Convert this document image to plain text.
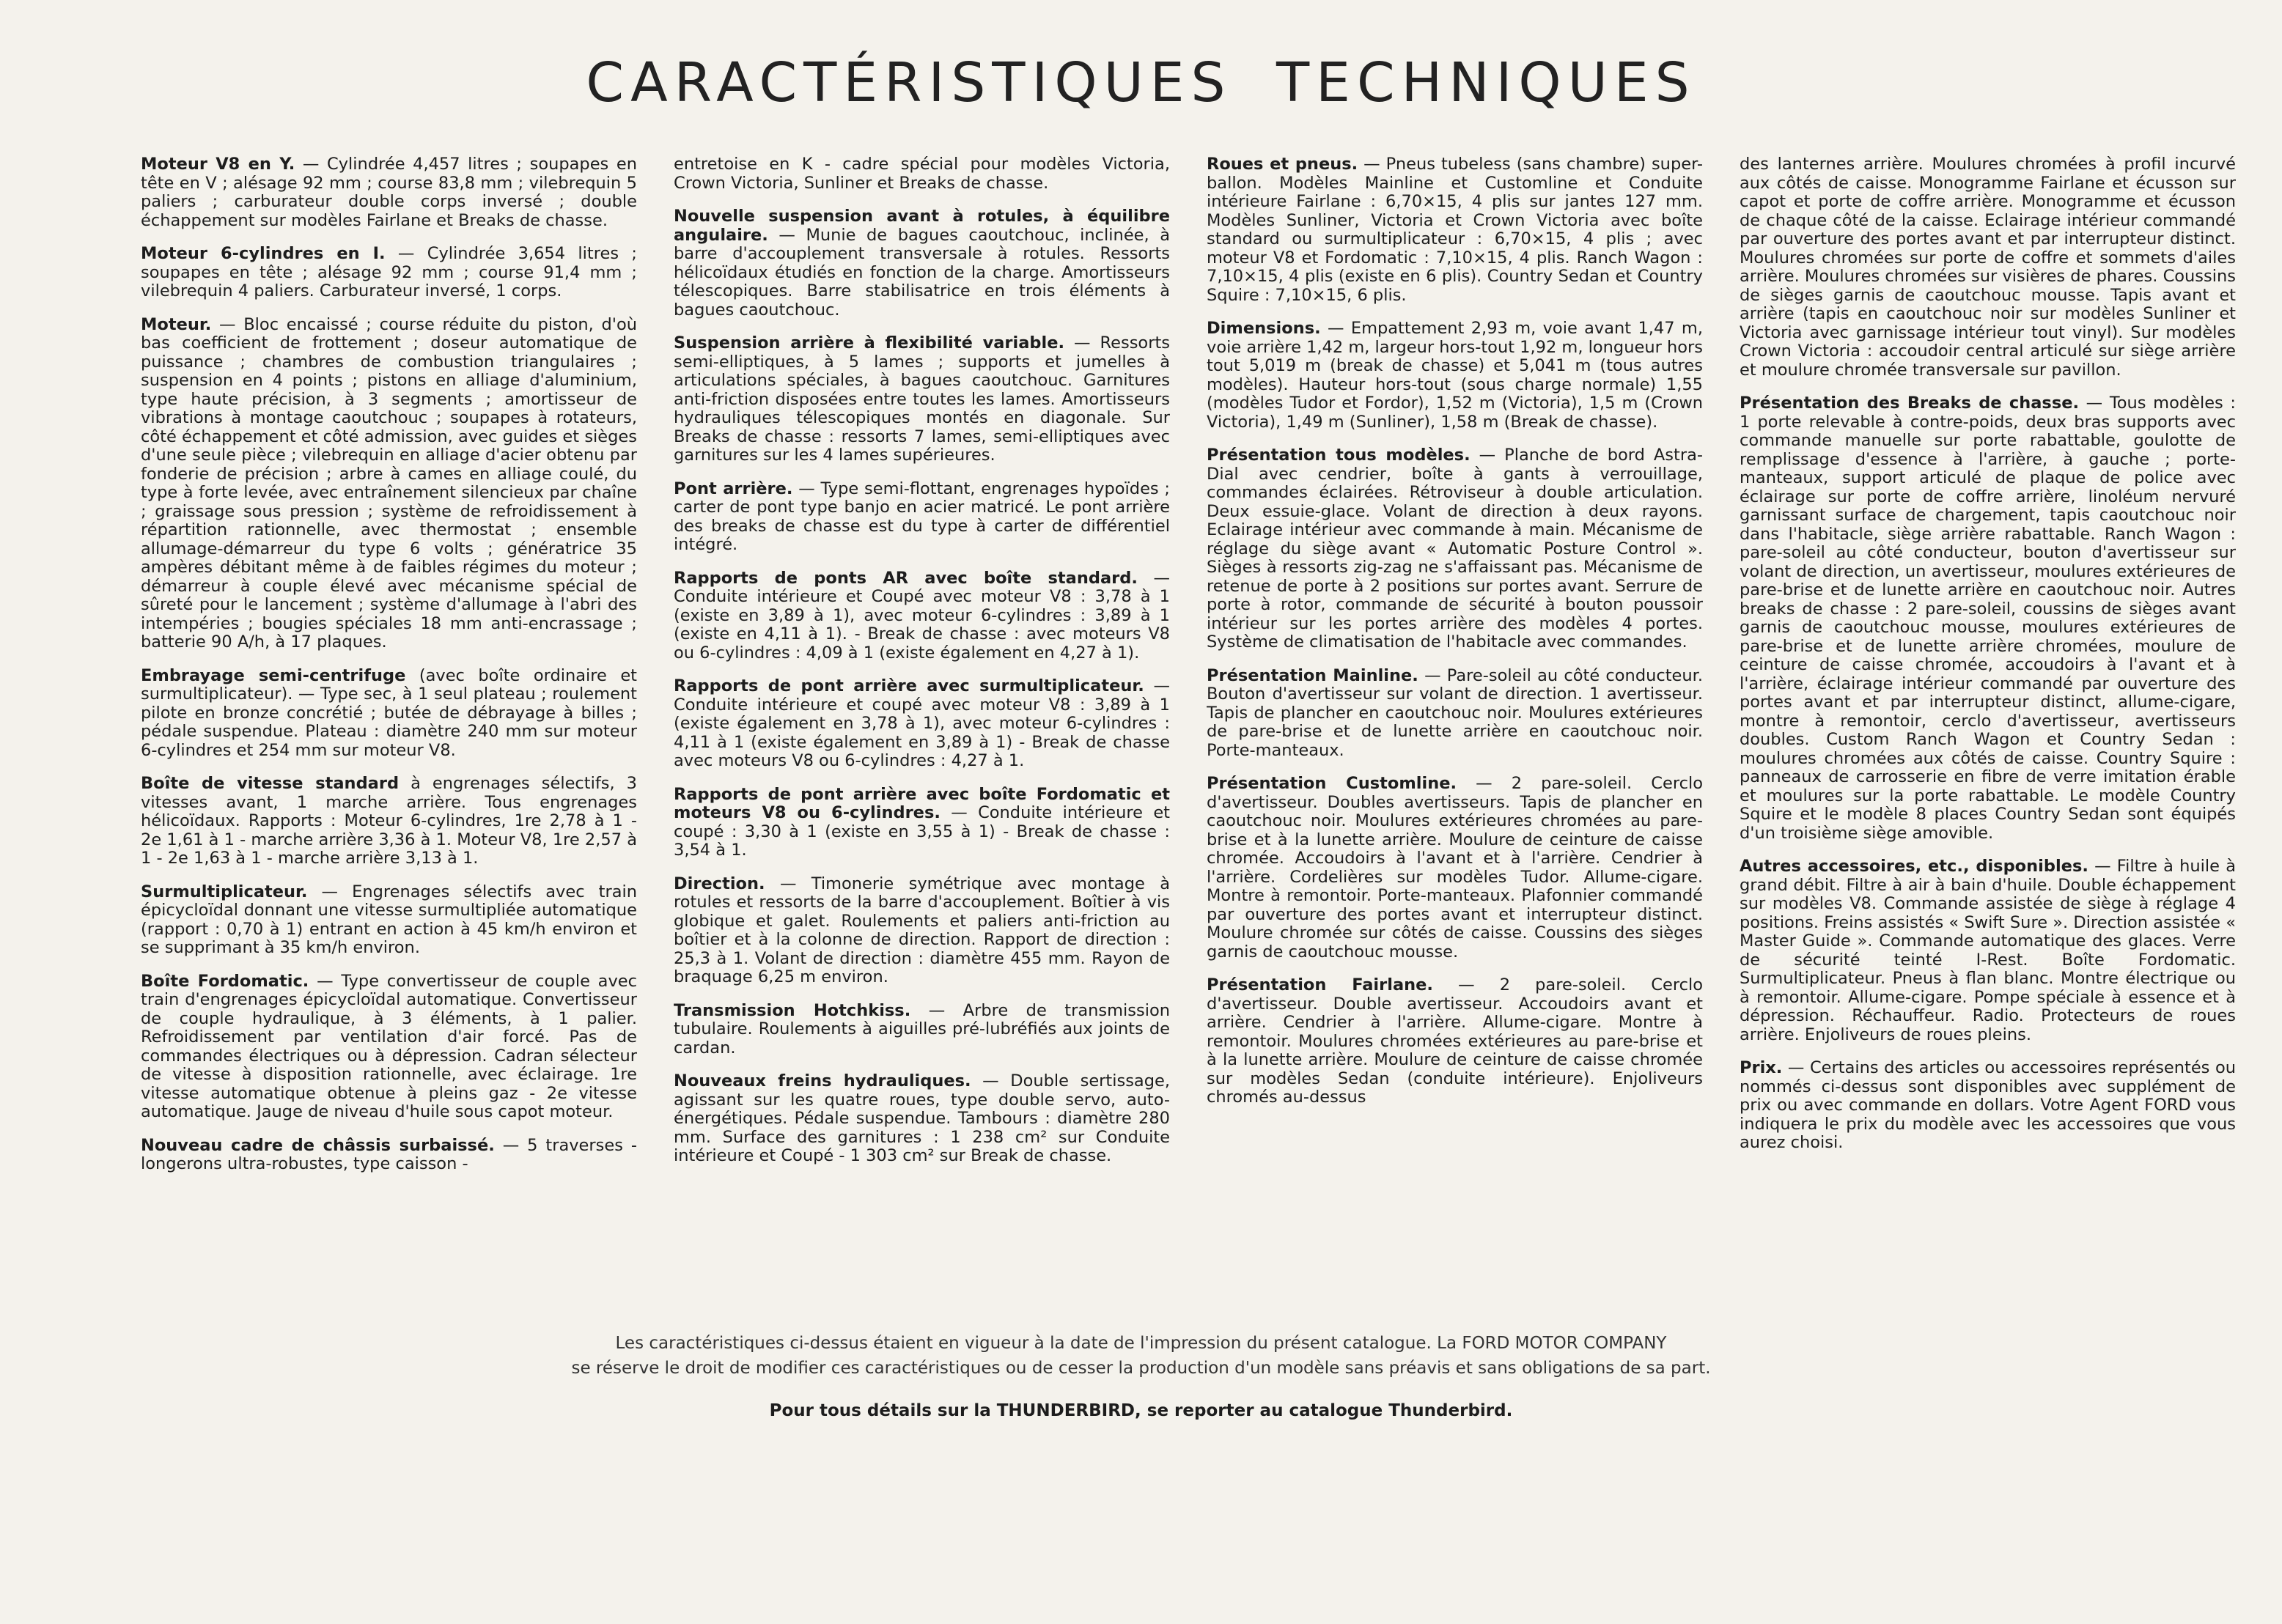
CARACTÉRISTIQUES TECHNIQUES

Moteur V8 en Y. — Cylindrée 4,457 litres ; soupapes en tête en V ; alésage 92 mm ; course 83,8 mm ; vilebrequin 5 paliers ; carburateur double corps inversé ; double échappement sur modèles Fairlane et Breaks de chasse.

Moteur 6-cylindres en I. — Cylindrée 3,654 litres ; soupapes en tête ; alésage 92 mm ; course 91,4 mm ; vilebrequin 4 paliers. Carburateur inversé, 1 corps.

Moteur. — Bloc encaissé ; course réduite du piston, d'où bas coefficient de frottement ; doseur automatique de puissance ; chambres de combustion triangulaires ; suspension en 4 points ; pistons en alliage d'aluminium, type haute précision, à 3 segments ; amortisseur de vibrations à montage caoutchouc ; soupapes à rotateurs, côté échappement et côté admission, avec guides et sièges d'une seule pièce ; vilebrequin en alliage d'acier obtenu par fonderie de précision ; arbre à cames en alliage coulé, du type à forte levée, avec entraînement silencieux par chaîne ; graissage sous pression ; système de refroidissement à répartition rationnelle, avec thermostat ; ensemble allumage-démarreur du type 6 volts ; génératrice 35 ampères débitant même à de faibles régimes du moteur ; démarreur à couple élevé avec mécanisme spécial de sûreté pour le lancement ; système d'allumage à l'abri des intempéries ; bougies spéciales 18 mm anti-encrassage ; batterie 90 A/h, à 17 plaques.

Embrayage semi-centrifuge (avec boîte ordinaire et surmultiplicateur). — Type sec, à 1 seul plateau ; roulement pilote en bronze concrétié ; butée de débrayage à billes ; pédale suspendue. Plateau : diamètre 240 mm sur moteur 6-cylindres et 254 mm sur moteur V8.

Boîte de vitesse standard à engrenages sélectifs, 3 vitesses avant, 1 marche arrière. Tous engrenages hélicoïdaux. Rapports : Moteur 6-cylindres, 1re 2,78 à 1 - 2e 1,61 à 1 - marche arrière 3,36 à 1. Moteur V8, 1re 2,57 à 1 - 2e 1,63 à 1 - marche arrière 3,13 à 1.

Surmultiplicateur. — Engrenages sélectifs avec train épicycloïdal donnant une vitesse surmultipliée automatique (rapport : 0,70 à 1) entrant en action à 45 km/h environ et se supprimant à 35 km/h environ.

Boîte Fordomatic. — Type convertisseur de couple avec train d'engrenages épicycloïdal automatique. Convertisseur de couple hydraulique, à 3 éléments, à 1 palier. Refroidissement par ventilation d'air forcé. Pas de commandes électriques ou à dépression. Cadran sélecteur de vitesse à disposition rationnelle, avec éclairage. 1re vitesse automatique obtenue à pleins gaz - 2e vitesse automatique. Jauge de niveau d'huile sous capot moteur.

Nouveau cadre de châssis surbaissé. — 5 traverses - longerons ultra-robustes, type caisson -

entretoise en K - cadre spécial pour modèles Victoria, Crown Victoria, Sunliner et Breaks de chasse.

Nouvelle suspension avant à rotules, à équilibre angulaire. — Munie de bagues caoutchouc, inclinée, à barre d'accouplement transversale à rotules. Ressorts hélicoïdaux étudiés en fonction de la charge. Amortisseurs télescopiques. Barre stabilisatrice en trois éléments à bagues caoutchouc.

Suspension arrière à flexibilité variable. — Ressorts semi-elliptiques, à 5 lames ; supports et jumelles à articulations spéciales, à bagues caoutchouc. Garnitures anti-friction disposées entre toutes les lames. Amortisseurs hydrauliques télescopiques montés en diagonale. Sur Breaks de chasse : ressorts 7 lames, semi-elliptiques avec garnitures sur les 4 lames supérieures.

Pont arrière. — Type semi-flottant, engrenages hypoïdes ; carter de pont type banjo en acier matricé. Le pont arrière des breaks de chasse est du type à carter de différentiel intégré.

Rapports de ponts AR avec boîte standard. — Conduite intérieure et Coupé avec moteur V8 : 3,78 à 1 (existe en 3,89 à 1), avec moteur 6-cylindres : 3,89 à 1 (existe en 4,11 à 1). - Break de chasse : avec moteurs V8 ou 6-cylindres : 4,09 à 1 (existe également en 4,27 à 1).

Rapports de pont arrière avec surmultiplicateur. — Conduite intérieure et coupé avec moteur V8 : 3,89 à 1 (existe également en 3,78 à 1), avec moteur 6-cylindres : 4,11 à 1 (existe également en 3,89 à 1) - Break de chasse avec moteurs V8 ou 6-cylindres : 4,27 à 1.

Rapports de pont arrière avec boîte Fordomatic et moteurs V8 ou 6-cylindres. — Conduite intérieure et coupé : 3,30 à 1 (existe en 3,55 à 1) - Break de chasse : 3,54 à 1.

Direction. — Timonerie symétrique avec montage à rotules et ressorts de la barre d'accouplement. Boîtier à vis globique et galet. Roulements et paliers anti-friction au boîtier et à la colonne de direction. Rapport de direction : 25,3 à 1. Volant de direction : diamètre 455 mm. Rayon de braquage 6,25 m environ.

Transmission Hotchkiss. — Arbre de transmission tubulaire. Roulements à aiguilles pré-lubréfiés aux joints de cardan.

Nouveaux freins hydrauliques. — Double sertissage, agissant sur les quatre roues, type double servo, auto-énergétiques. Pédale suspendue. Tambours : diamètre 280 mm. Surface des garnitures : 1 238 cm² sur Conduite intérieure et Coupé - 1 303 cm² sur Break de chasse.

Roues et pneus. — Pneus tubeless (sans chambre) super-ballon. Modèles Mainline et Customline et Conduite intérieure Fairlane : 6,70×15, 4 plis sur jantes 127 mm. Modèles Sunliner, Victoria et Crown Victoria avec boîte standard ou surmultiplicateur : 6,70×15, 4 plis ; avec moteur V8 et Fordomatic : 7,10×15, 4 plis. Ranch Wagon : 7,10×15, 4 plis (existe en 6 plis). Country Sedan et Country Squire : 7,10×15, 6 plis.

Dimensions. — Empattement 2,93 m, voie avant 1,47 m, voie arrière 1,42 m, largeur hors-tout 1,92 m, longueur hors tout 5,019 m (break de chasse) et 5,041 m (tous autres modèles). Hauteur hors-tout (sous charge normale) 1,55 (modèles Tudor et Fordor), 1,52 m (Victoria), 1,5 m (Crown Victoria), 1,49 m (Sunliner), 1,58 m (Break de chasse).

Présentation tous modèles. — Planche de bord Astra-Dial avec cendrier, boîte à gants à verrouillage, commandes éclairées. Rétroviseur à double articulation. Deux essuie-glace. Volant de direction à deux rayons. Eclairage intérieur avec commande à main. Mécanisme de réglage du siège avant « Automatic Posture Control ». Sièges à ressorts zig-zag ne s'affaissant pas. Mécanisme de retenue de porte à 2 positions sur portes avant. Serrure de porte à rotor, commande de sécurité à bouton poussoir intérieur sur les portes arrière des modèles 4 portes. Système de climatisation de l'habitacle avec commandes.

Présentation Mainline. — Pare-soleil au côté conducteur. Bouton d'avertisseur sur volant de direction. 1 avertisseur. Tapis de plancher en caoutchouc noir. Moulures extérieures de pare-brise et de lunette arrière en caoutchouc noir. Porte-manteaux.

Présentation Customline. — 2 pare-soleil. Cerclo d'avertisseur. Doubles avertisseurs. Tapis de plancher en caoutchouc noir. Moulures extérieures chromées au pare-brise et à la lunette arrière. Moulure de ceinture de caisse chromée. Accoudoirs à l'avant et à l'arrière. Cendrier à l'arrière. Cordelières sur modèles Tudor. Allume-cigare. Montre à remontoir. Porte-manteaux. Plafonnier commandé par ouverture des portes avant et interrupteur distinct. Moulure chromée sur côtés de caisse. Coussins des sièges garnis de caoutchouc mousse.

Présentation Fairlane. — 2 pare-soleil. Cerclo d'avertisseur. Double avertisseur. Accoudoirs avant et arrière. Cendrier à l'arrière. Allume-cigare. Montre à remontoir. Moulures chromées extérieures au pare-brise et à la lunette arrière. Moulure de ceinture de caisse chromée sur modèles Sedan (conduite intérieure). Enjoliveurs chromés au-dessus

des lanternes arrière. Moulures chromées à profil incurvé aux côtés de caisse. Monogramme Fairlane et écusson sur capot et porte de coffre arrière. Monogramme et écusson de chaque côté de la caisse. Eclairage intérieur commandé par ouverture des portes avant et par interrupteur distinct. Moulures chromées sur porte de coffre et sommets d'ailes arrière. Moulures chromées sur visières de phares. Coussins de sièges garnis de caoutchouc mousse. Tapis avant et arrière (tapis en caoutchouc noir sur modèles Sunliner et Victoria avec garnissage intérieur tout vinyl). Sur modèles Crown Victoria : accoudoir central articulé sur siège arrière et moulure chromée transversale sur pavillon.

Présentation des Breaks de chasse. — Tous modèles : 1 porte relevable à contre-poids, deux bras supports avec commande manuelle sur porte rabattable, goulotte de remplissage d'essence à l'arrière, à gauche ; porte-manteaux, support articulé de plaque de police avec éclairage sur porte de coffre arrière, linoléum nervuré garnissant surface de chargement, tapis caoutchouc noir dans l'habitacle, siège arrière rabattable. Ranch Wagon : pare-soleil au côté conducteur, bouton d'avertisseur sur volant de direction, un avertisseur, moulures extérieures de pare-brise et de lunette arrière en caoutchouc noir. Autres breaks de chasse : 2 pare-soleil, coussins de sièges avant garnis de caoutchouc mousse, moulures extérieures de pare-brise et de lunette arrière chromées, moulure de ceinture de caisse chromée, accoudoirs à l'avant et à l'arrière, éclairage intérieur commandé par ouverture des portes avant et par interrupteur distinct, allume-cigare, montre à remontoir, cerclo d'avertisseur, avertisseurs doubles. Custom Ranch Wagon et Country Sedan : moulures chromées aux côtés de caisse. Country Squire : panneaux de carrosserie en fibre de verre imitation érable et moulures sur la porte rabattable. Le modèle Country Squire et le modèle 8 places Country Sedan sont équipés d'un troisième siège amovible.

Autres accessoires, etc., disponibles. — Filtre à huile à grand débit. Filtre à air à bain d'huile. Double échappement sur modèles V8. Commande assistée de siège à réglage 4 positions. Freins assistés « Swift Sure ». Direction assistée « Master Guide ». Commande automatique des glaces. Verre de sécurité teinté I-Rest. Boîte Fordomatic. Surmultiplicateur. Pneus à flan blanc. Montre électrique ou à remontoir. Allume-cigare. Pompe spéciale à essence et à dépression. Réchauffeur. Radio. Protecteurs de roues arrière. Enjoliveurs de roues pleins.

Prix. — Certains des articles ou accessoires représentés ou nommés ci-dessus sont disponibles avec supplément de prix ou avec commande en dollars. Votre Agent FORD vous indiquera le prix du modèle avec les accessoires que vous aurez choisi.

Les caractéristiques ci-dessus étaient en vigueur à la date de l'impression du présent catalogue. La FORD MOTOR COMPANY

se réserve le droit de modifier ces caractéristiques ou de cesser la production d'un modèle sans préavis et sans obligations de sa part.

Pour tous détails sur la THUNDERBIRD, se reporter au catalogue Thunderbird.
